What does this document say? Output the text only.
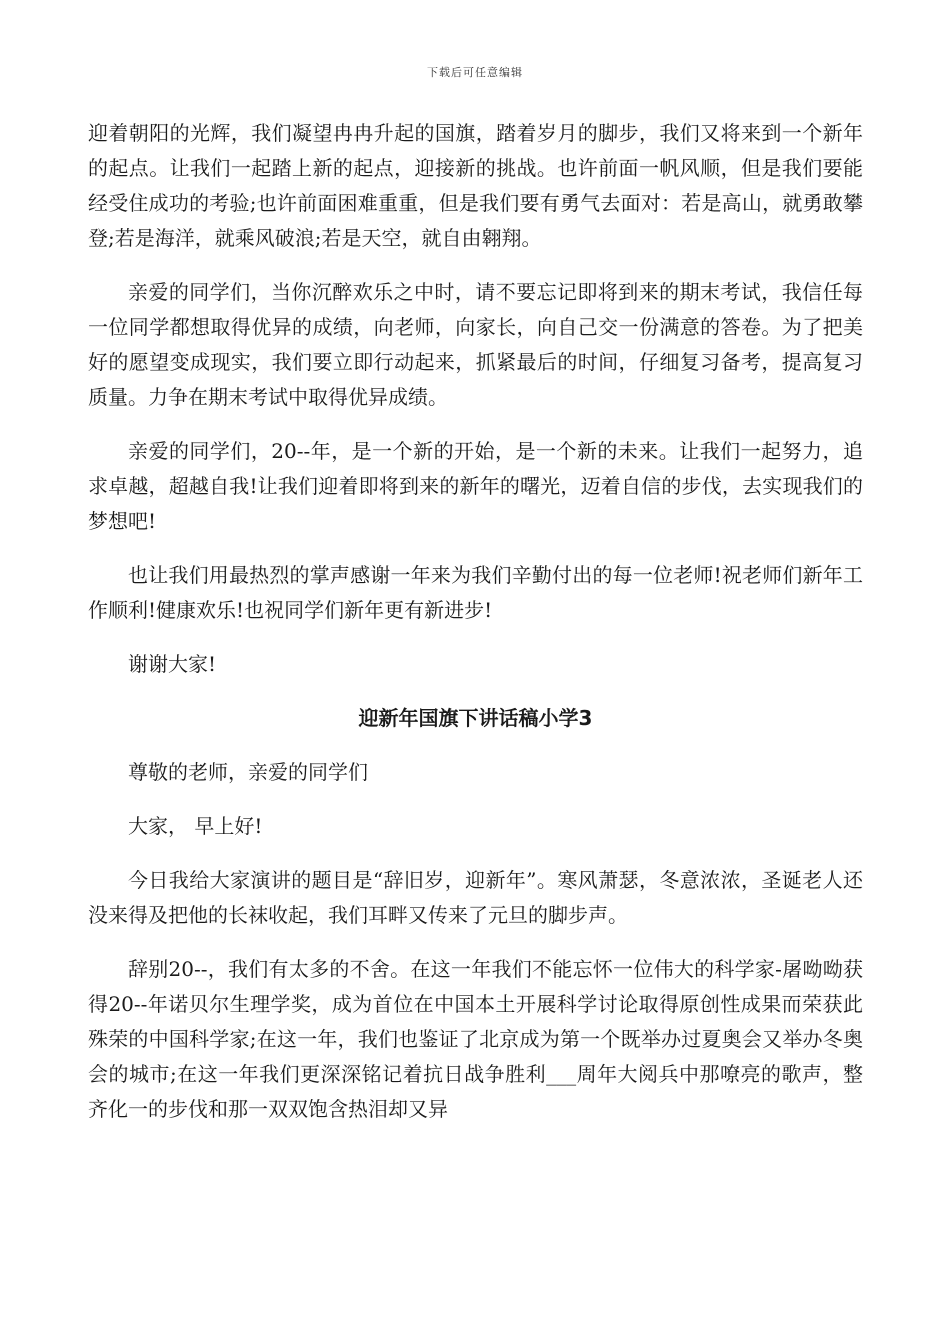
下载后可任意编辑

迎着朝阳的光辉，我们凝望冉冉升起的国旗，踏着岁月的脚步，我们又将来到一个新年的起点。让我们一起踏上新的起点，迎接新的挑战。也许前面一帆风顺，但是我们要能经受住成功的考验;也许前面困难重重，但是我们要有勇气去面对：若是高山，就勇敢攀登;若是海洋，就乘风破浪;若是天空，就自由翱翔。

亲爱的同学们，当你沉醉欢乐之中时，请不要忘记即将到来的期末考试，我信任每一位同学都想取得优异的成绩，向老师，向家长，向自己交一份满意的答卷。为了把美好的愿望变成现实，我们要立即行动起来，抓紧最后的时间，仔细复习备考，提高复习质量。力争在期末考试中取得优异成绩。

亲爱的同学们，20--年，是一个新的开始，是一个新的未来。让我们一起努力，追求卓越，超越自我!让我们迎着即将到来的新年的曙光，迈着自信的步伐，去实现我们的梦想吧!

也让我们用最热烈的掌声感谢一年来为我们辛勤付出的每一位老师!祝老师们新年工作顺利!健康欢乐!也祝同学们新年更有新进步!

谢谢大家!

迎新年国旗下讲话稿小学3

尊敬的老师，亲爱的同学们

大家， 早上好!

今日我给大家演讲的题目是“辞旧岁，迎新年”。寒风萧瑟，冬意浓浓，圣诞老人还没来得及把他的长袜收起，我们耳畔又传来了元旦的脚步声。

辞别20--，我们有太多的不舍。在这一年我们不能忘怀一位伟大的科学家-屠呦呦获得20--年诺贝尔生理学奖，成为首位在中国本土开展科学讨论取得原创性成果而荣获此殊荣的中国科学家;在这一年，我们也鉴证了北京成为第一个既举办过夏奥会又举办冬奥会的城市;在这一年我们更深深铭记着抗日战争胜利___周年大阅兵中那嘹亮的歌声，整齐化一的步伐和那一双双饱含热泪却又异
